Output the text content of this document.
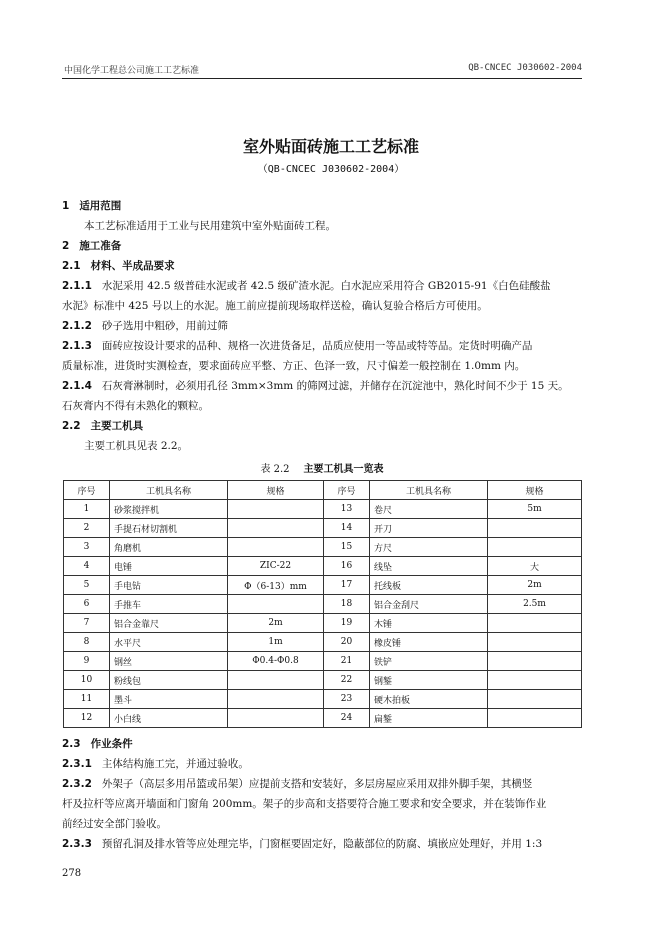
中国化学工程总公司施工工艺标准	QB-CNCEC J030602-2004
室外贴面砖施工工艺标准
（QB-CNCEC J030602-2004）
1 适用范围
本工艺标准适用于工业与民用建筑中室外贴面砖工程。
2 施工准备
2.1 材料、半成品要求
2.1.1 水泥采用 42.5 级普硅水泥或者 42.5 级矿渣水泥。白水泥应采用符合 GB2015-91《白色硅酸盐
水泥》标准中 425 号以上的水泥。施工前应提前现场取样送检，确认复验合格后方可使用。
2.1.2 砂子选用中粗砂，用前过筛
2.1.3 面砖应按设计要求的品种、规格一次进货备足，品质应使用一等品或特等品。定货时明确产品
质量标准，进货时实测检查，要求面砖应平整、方正、色泽一致，尺寸偏差一般控制在 1.0mm 内。
2.1.4 石灰膏淋制时，必须用孔径 3mm×3mm 的筛网过滤，并储存在沉淀池中，熟化时间不少于 15 天。
石灰膏内不得有未熟化的颗粒。
2.2 主要工机具
主要工机具见表 2.2。
表 2.2 主要工机具一览表
序号	工机具名称	规格	序号	工机具名称	规格
1	砂浆搅拌机		13	卷尺	5m
2	手提石材切割机		14	开刀	
3	角磨机		15	方尺	
4	电锤	ZIC-22	16	线坠	大
5	手电钻	Φ（6-13）mm	17	托线板	2m
6	手推车		18	铝合金刮尺	2.5m
7	铝合金靠尺	2m	19	木锤	
8	水平尺	1m	20	橡皮锤	
9	钢丝	Φ0.4-Φ0.8	21	铁铲	
10	粉线包		22	钢錾	
11	墨斗		23	硬木拍板	
12	小白线		24	扁錾	
2.3 作业条件
2.3.1 主体结构施工完，并通过验收。
2.3.2 外架子（高层多用吊篮或吊架）应提前支搭和安装好，多层房屋应采用双排外脚手架，其横竖
杆及拉杆等应离开墙面和门窗角 200mm。架子的步高和支搭要符合施工要求和安全要求，并在装饰作业
前经过安全部门验收。
2.3.3 预留孔洞及排水管等应处理完毕，门窗框要固定好，隐蔽部位的防腐、填嵌应处理好，并用 1:3
278
